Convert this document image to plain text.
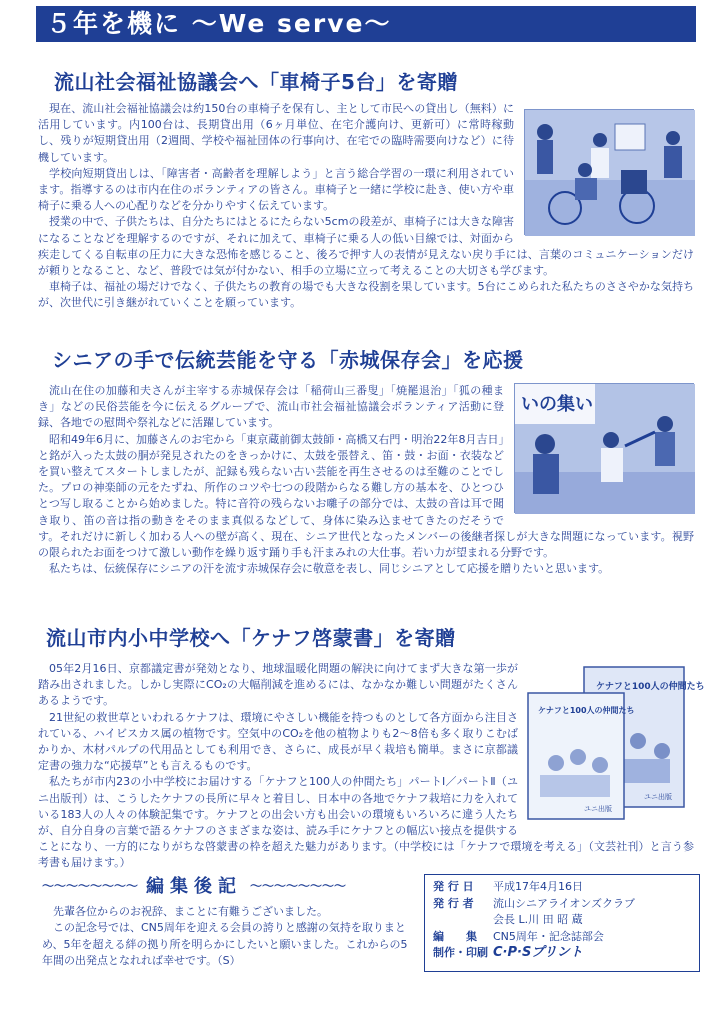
５年を機に ～We serve～
流山社会福祉協議会へ「車椅子5台」を寄贈

現在、流山社会福祉協議会は約150台の車椅子を保有し、主として市民への貸出し（無料）に活用しています。内100台は、長期貸出用（6ヶ月単位、在宅介護向け、更新可）に常時稼動し、残りが短期貸出用（2週間、学校や福祉団体の行事向け、在宅での臨時需要向けなど）に待機しています。

学校向短期貸出しは、「障害者・高齢者を理解しよう」と言う総合学習の一環に利用されています。指導するのは市内在住のボランティアの皆さん。車椅子と一緒に学校に赴き、使い方や車椅子に乗る人への心配りなどを分かりやすく伝えています。

授業の中で、子供たちは、自分たちにはとるにたらない5cmの段差が、車椅子には大きな障害になることなどを理解するのですが、それに加えて、車椅子に乗る人の低い目線では、対面から疾走してくる自転車の圧力に大きな恐怖を感じること、後ろで押す人の表情が見えない戻り手には、言葉のコミュニケーションだけが頼りとなること、など、普段では気が付かない、相手の立場に立って考えることの大切さも学びます。

車椅子は、福祉の場だけでなく、子供たちの教育の場でも大きな役割を果しています。5台にこめられた私たちのささやかな気持ちが、次世代に引き継がれていくことを願っています。

シニアの手で伝統芸能を守る「赤城保存会」を応援
いの集い

流山在住の加藤和夫さんが主宰する赤城保存会は「稲荷山三番叟」「焼罷退治」「狐の種まき」などの民俗芸能を今に伝えるグループで、流山市社会福祉協議会ボランティア活動に登録、各地での慰問や祭礼などに活躍しています。

昭和49年6月に、加藤さんのお宅から「東京蔵前御太鼓師・高橋又右門・明治22年8月吉日」と銘が入った太鼓の胴が発見されたのをきっかけに、太鼓を張替え、笛・鼓・お面・衣装などを買い整えてスタートしましたが、記録も残らない古い芸能を再生させるのは至難のことでした。プロの神楽師の元をたずね、所作のコツや七つの段階からなる難し方の基本を、ひとつひとつ写し取ることから始めました。特に音符の残らないお囃子の部分では、太鼓の音は耳で聞き取り、笛の音は指の動きをそのまま真似るなどして、身体に染み込ませてきたのだそうです。それだけに新しく加わる人への壁が高く、現在、シニア世代となったメンバーの後継者探しが大きな問題になっています。視野の限られたお面をつけて激しい動作を繰り返す踊り手も汗まみれの大仕事。若い力が望まれる分野です。

私たちは、伝統保存にシニアの汗を流す赤城保存会に敬意を表し、同じシニアとして応援を贈りたいと思います。

流山市内小中学校へ「ケナフ啓蒙書」を寄贈
ケナフと100人の仲間たち
ユニ出版
ケナフと100人の仲間たち
ユニ出版

05年2月16日、京都議定書が発効となり、地球温暖化問題の解決に向けてまず大きな第一歩が踏み出されました。しかし実際にCO₂の大幅削減を進めるには、なかなか難しい問題がたくさんあるようです。

21世紀の救世草といわれるケナフは、環境にやさしい機能を持つものとして各方面から注目されている、ハイビスカス属の植物です。空気中のCO₂を他の植物よりも2～8倍も多く取りこむばかりか、木材パルプの代用品としても利用でき、さらに、成長が早く栽培も簡単。まさに京都議定書の強力な“応援草”とも言えるものです。

私たちが市内23の小中学校にお届けする「ケナフと100人の仲間たち」パートⅠ／パートⅡ（ユニ出版刊）は、こうしたケナフの長所に早々と着目し、日本中の各地でケナフ栽培に力を入れている183人の人々の体験記集です。ケナフとの出会い方も出会いの環境もいろいろに違う人たちが、自分自身の言葉で語るケナフのさまざまな姿は、読み手にケナフとの幅広い接点を提供することになり、一方的になりがちな啓蒙書の枠を超えた魅力があります。（中学校には「ケナフで環境を考える」（文芸社刊）と言う参考書も届けます。）

〜〜〜〜〜〜〜〜 編集後記 〜〜〜〜〜〜〜〜

先輩各位からのお祝辞、まことに有難うございました。

この記念号では、CN5周年を迎える会員の誇りと感謝の気持を取りまとめ、5年を超える絆の拠り所を明らかにしたいと願いました。これからの5年間の出発点となれれば幸せです。（S）

発 行 日	平成17年4月16日
発 行 者	流山シニアライオンズクラブ
会長 L.川 田 昭 蔵
編　　集	CN5周年・記念誌部会
制作・印刷 C·P·Sプリント
